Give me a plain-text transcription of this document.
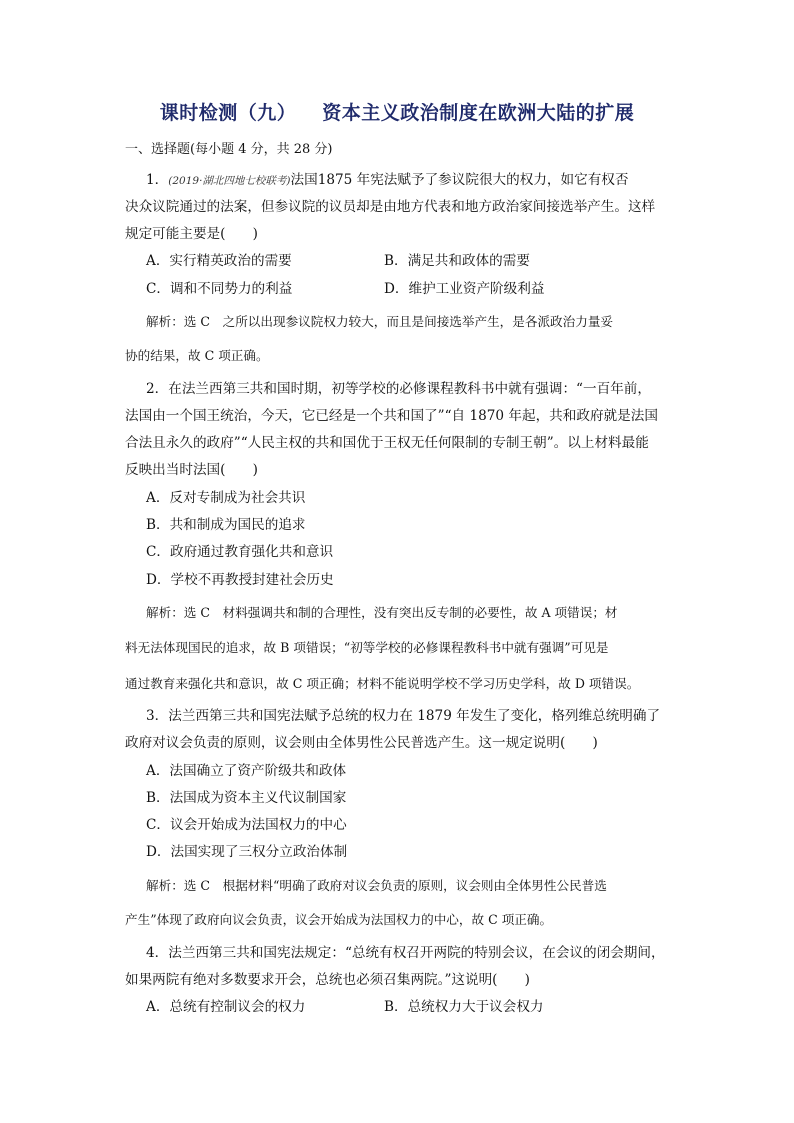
课时检测（九） 资本主义政治制度在欧洲大陆的扩展
一、选择题(每小题 4 分，共 28 分)
1．(2019·湖北四地七校联考)法国1875 年宪法赋予了参议院很大的权力，如它有权否
决众议院通过的法案，但参议院的议员却是由地方代表和地方政治家间接选举产生。这样
规定可能主要是(　　)
A．实行精英政治的需要	B．满足共和政体的需要
C．调和不同势力的利益	D．维护工业资产阶级利益
解析：选 C　之所以出现参议院权力较大，而且是间接选举产生，是各派政治力量妥
协的结果，故 C 项正确。
2．在法兰西第三共和国时期，初等学校的必修课程教科书中就有强调：“一百年前，
法国由一个国王统治，今天，它已经是一个共和国了”“自 1870 年起，共和政府就是法国
合法且永久的政府”“人民主权的共和国优于王权无任何限制的专制王朝”。以上材料最能
反映出当时法国(　　)
A．反对专制成为社会共识
B．共和制成为国民的追求
C．政府通过教育强化共和意识
D．学校不再教授封建社会历史
解析：选 C　材料强调共和制的合理性，没有突出反专制的必要性，故 A 项错误；材
料无法体现国民的追求，故 B 项错误；“初等学校的必修课程教科书中就有强调”可见是
通过教育来强化共和意识，故 C 项正确；材料不能说明学校不学习历史学科，故 D 项错误。
3．法兰西第三共和国宪法赋予总统的权力在 1879 年发生了变化，格列维总统明确了
政府对议会负责的原则，议会则由全体男性公民普选产生。这一规定说明(　　)
A．法国确立了资产阶级共和政体
B．法国成为资本主义代议制国家
C．议会开始成为法国权力的中心
D．法国实现了三权分立政治体制
解析：选 C　根据材料“明确了政府对议会负责的原则，议会则由全体男性公民普选
产生”体现了政府向议会负责，议会开始成为法国权力的中心，故 C 项正确。
4．法兰西第三共和国宪法规定：“总统有权召开两院的特别会议，在会议的闭会期间，
如果两院有绝对多数要求开会，总统也必须召集两院。”这说明(　　)
A．总统有控制议会的权力	B．总统权力大于议会权力
